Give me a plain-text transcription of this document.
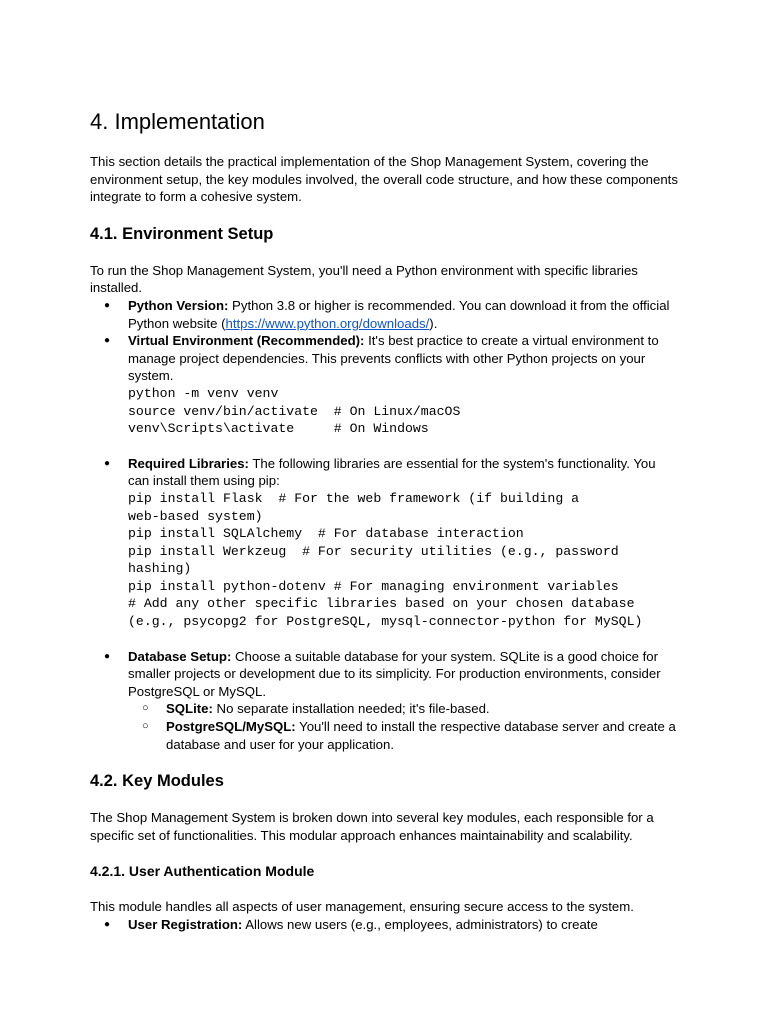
4. Implementation

This section details the practical implementation of the Shop Management System, covering the environment setup, the key modules involved, the overall code structure, and how these components integrate to form a cohesive system.

4.1. Environment Setup

To run the Shop Management System, you'll need a Python environment with specific libraries installed.

● Python Version: Python 3.8 or higher is recommended. You can download it from the official Python website (https://www.python.org/downloads/).
● Virtual Environment (Recommended): It's best practice to create a virtual environment to manage project dependencies. This prevents conflicts with other Python projects on your system.
python -m venv venv
source venv/bin/activate  # On Linux/macOS
venv\Scripts\activate     # On Windows
● Required Libraries: The following libraries are essential for the system's functionality. You can install them using pip:
pip install Flask  # For the web framework (if building a
web-based system)
pip install SQLAlchemy  # For database interaction
pip install Werkzeug  # For security utilities (e.g., password
hashing)
pip install python-dotenv # For managing environment variables
# Add any other specific libraries based on your chosen database
(e.g., psycopg2 for PostgreSQL, mysql-connector-python for MySQL)
● Database Setup: Choose a suitable database for your system. SQLite is a good choice for smaller projects or development due to its simplicity. For production environments, consider PostgreSQL or MySQL.
○ SQLite: No separate installation needed; it's file-based.
○ PostgreSQL/MySQL: You'll need to install the respective database server and create a database and user for your application.
4.2. Key Modules

The Shop Management System is broken down into several key modules, each responsible for a specific set of functionalities. This modular approach enhances maintainability and scalability.

4.2.1. User Authentication Module

This module handles all aspects of user management, ensuring secure access to the system.

● User Registration: Allows new users (e.g., employees, administrators) to create
